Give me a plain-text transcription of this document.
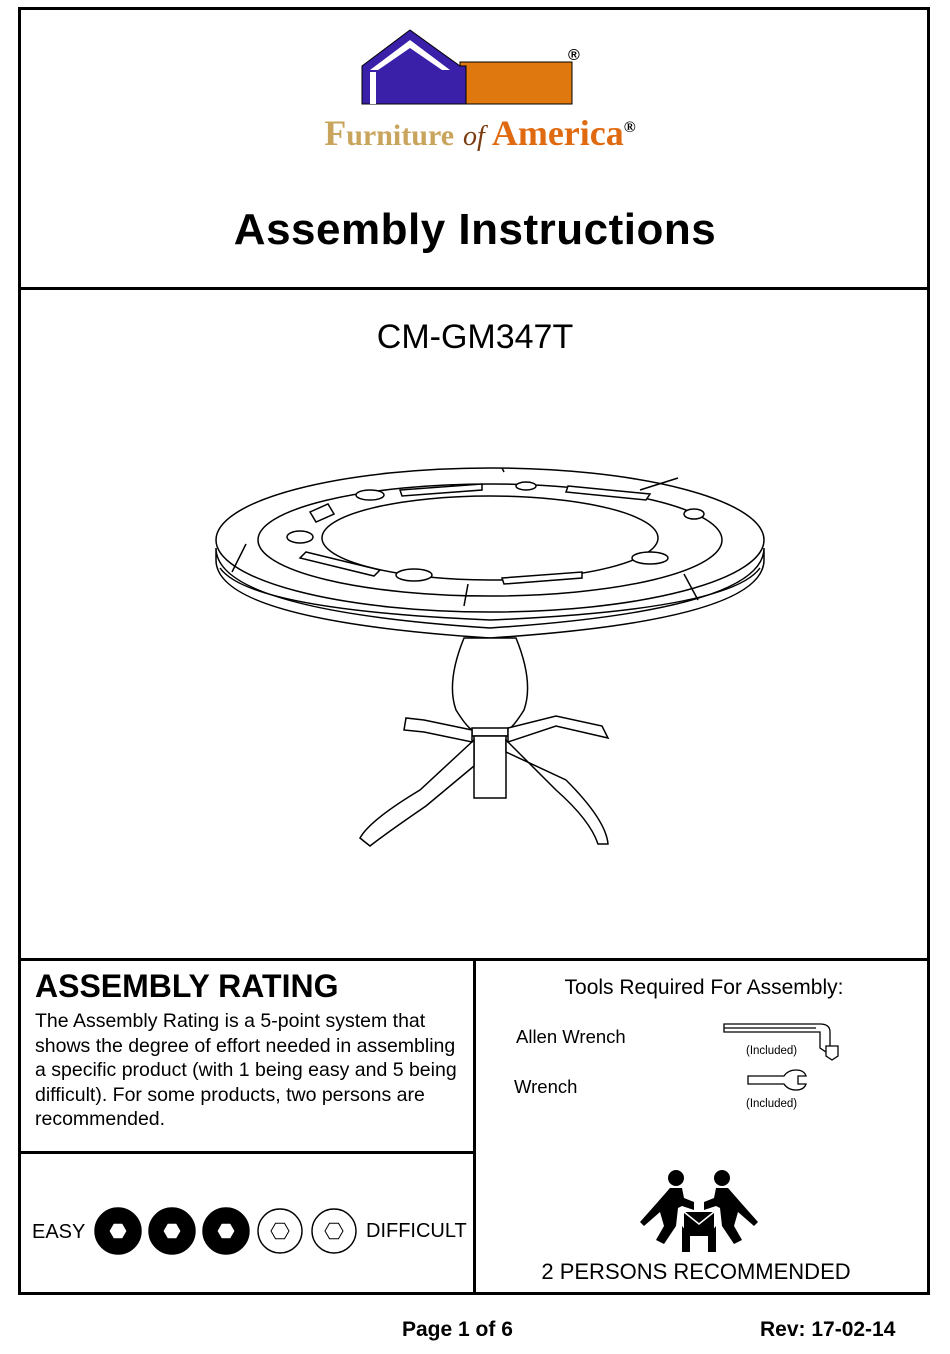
®
Furniture of America®
Assembly Instructions
CM-GM347T
ASSEMBLY RATING
The Assembly Rating is a 5-point system that shows the degree of effort needed in assembling a specific product (with 1 being easy and 5 being difficult). For some products, two persons are recommended.
EASY	DIFFICULT
Tools Required For Assembly:
Allen Wrench
Wrench
(Included)
(Included)
2 PERSONS RECOMMENDED
Page 1 of 6	Rev: 17-02-14
